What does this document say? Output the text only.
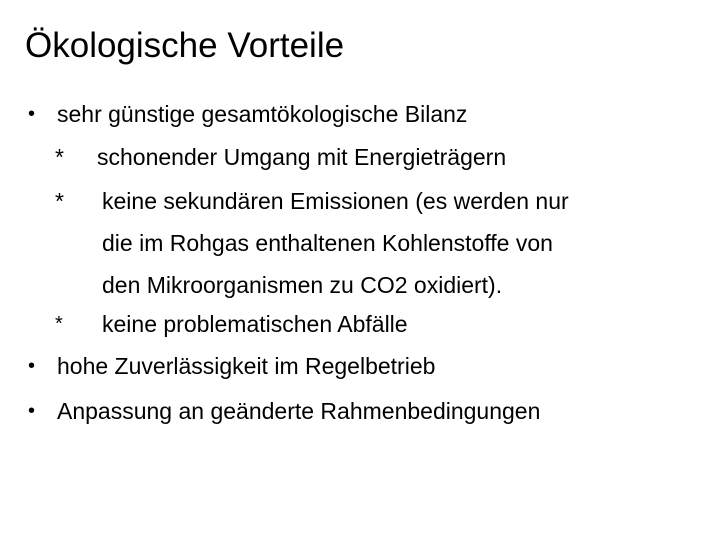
Ökologische Vorteile
• sehr günstige gesamtökologische Bilanz
* schonender Umgang mit Energieträgern
* keine sekundären Emissionen (es werden nur
die im Rohgas enthaltenen Kohlenstoffe von
den Mikroorganismen zu CO2 oxidiert).
* keine problematischen Abfälle
• hohe Zuverlässigkeit im Regelbetrieb
• Anpassung an geänderte Rahmenbedingungen
